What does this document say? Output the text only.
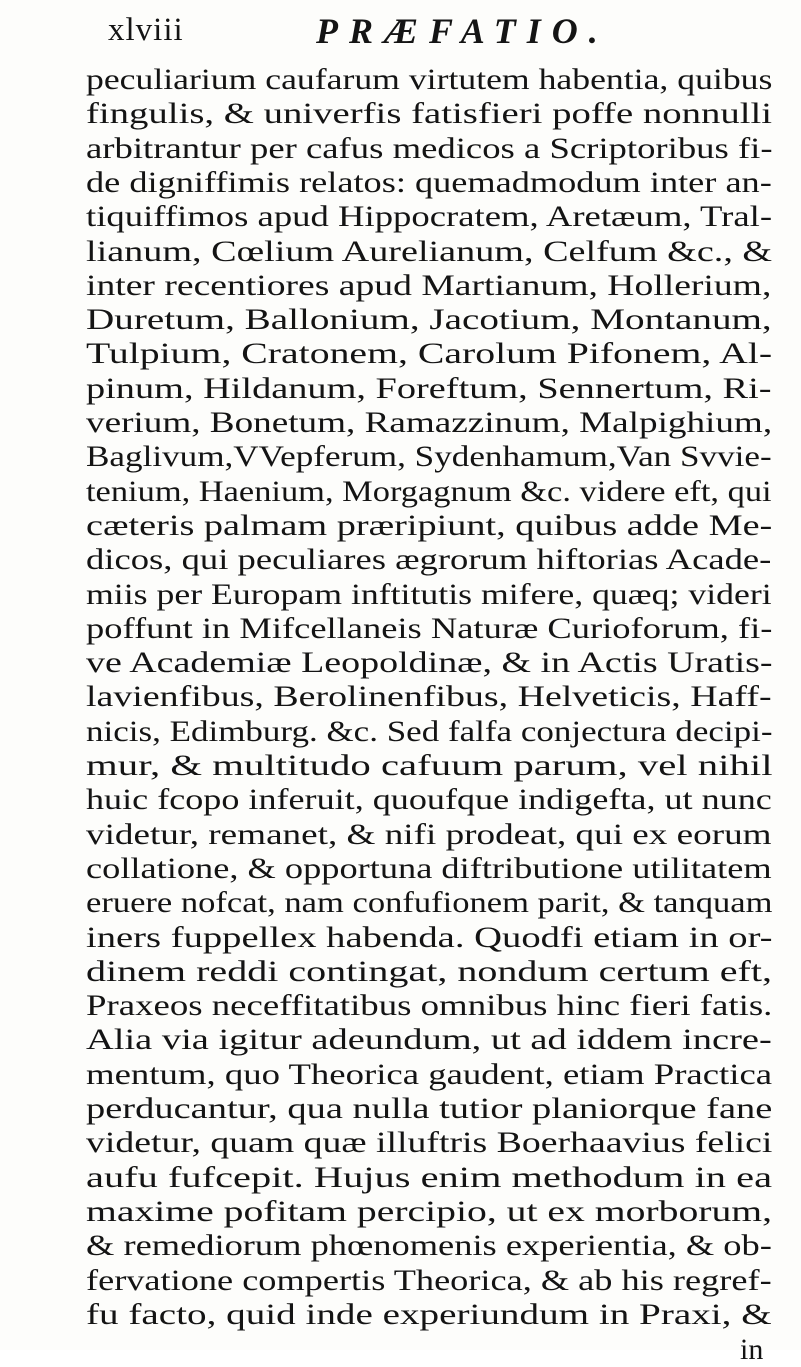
xlviii	PRÆFATIO.
peculiarium caufarum virtutem habentia, quibus
fingulis, & univerfis fatisfieri poffe nonnulli
arbitrantur per cafus medicos a Scriptoribus fi-
de digniffimis relatos: quemadmodum inter an-
tiquiffimos apud Hippocratem, Aretæum, Tral-
lianum, Cœlium Aurelianum, Celfum &c., &
inter recentiores apud Martianum, Hollerium,
Duretum, Ballonium, Jacotium, Montanum,
Tulpium, Cratonem, Carolum Pifonem, Al-
pinum, Hildanum, Foreftum, Sennertum, Ri-
verium, Bonetum, Ramazzinum, Malpighium,
Baglivum,VVepferum, Sydenhamum,Van Svvie-
tenium, Haenium, Morgagnum &c. videre eft, qui
cæteris palmam præripiunt, quibus adde Me-
dicos, qui peculiares ægrorum hiftorias Acade-
miis per Europam inftitutis mifere, quæq; videri
poffunt in Mifcellaneis Naturæ Curioforum, fi-
ve Academiæ Leopoldinæ, & in Actis Uratis-
lavienfibus, Berolinenfibus, Helveticis, Haff-
nicis, Edimburg. &c. Sed falfa conjectura decipi-
mur, & multitudo cafuum parum, vel nihil
huic fcopo inferuit, quoufque indigefta, ut nunc
videtur, remanet, & nifi prodeat, qui ex eorum
collatione, & opportuna diftributione utilitatem
eruere nofcat, nam confufionem parit, & tanquam
iners fuppellex habenda. Quodfi etiam in or-
dinem reddi contingat, nondum certum eft,
Praxeos neceffitatibus omnibus hinc fieri fatis.
Alia via igitur adeundum, ut ad iddem incre-
mentum, quo Theorica gaudent, etiam Practica
perducantur, qua nulla tutior planiorque fane
videtur, quam quæ illuftris Boerhaavius felici
aufu fufcepit. Hujus enim methodum in ea
maxime pofitam percipio, ut ex morborum,
& remediorum phœnomenis experientia, & ob-
fervatione compertis Theorica, & ab his regref-
fu facto, quid inde experiundum in Praxi, &
in
